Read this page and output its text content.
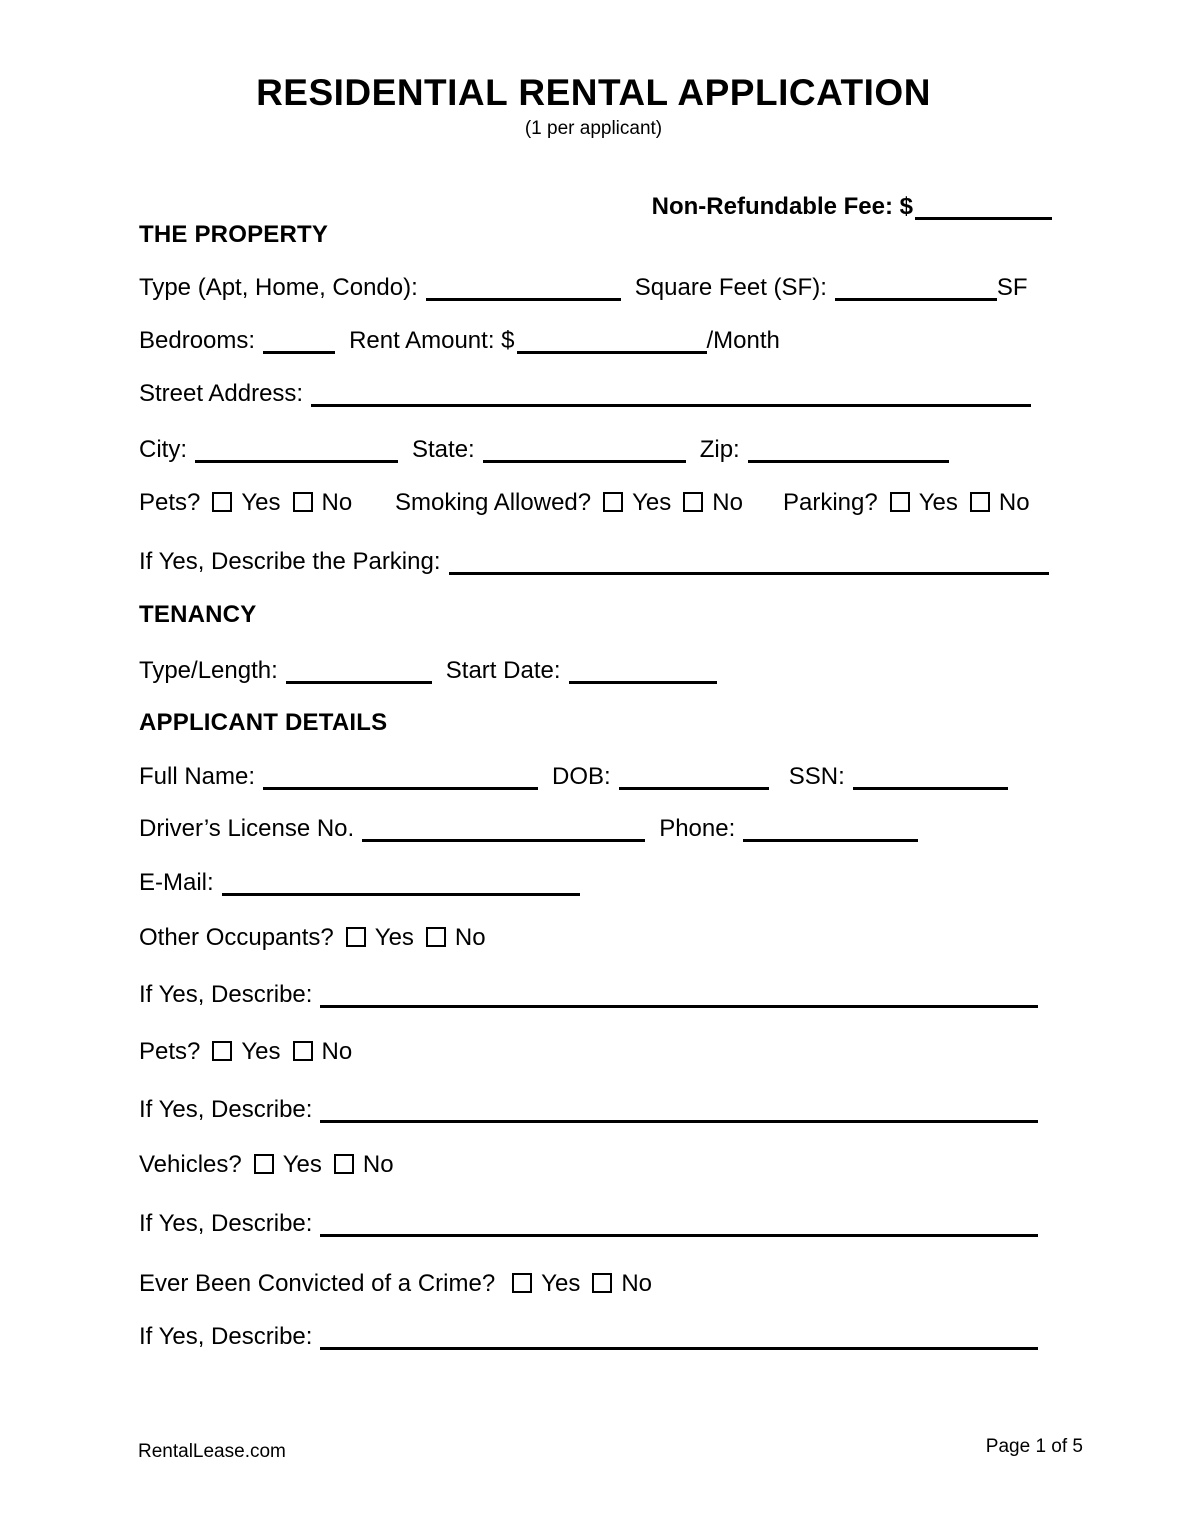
RESIDENTIAL RENTAL APPLICATION
(1 per applicant)
Non-Refundable Fee: $
THE PROPERTY
Type (Apt, Home, Condo):	Square Feet (SF):	SF
Bedrooms:	Rent Amount: $	/Month
Street Address:
City:	State:	Zip:
Pets? Yes No Smoking Allowed? Yes No Parking? Yes No
If Yes, Describe the Parking:
TENANCY
Type/Length:	Start Date:
APPLICANT DETAILS
Full Name:	DOB:	SSN:
Driver’s License No.	Phone:
E-Mail:
Other Occupants? Yes No
If Yes, Describe:
Pets? Yes No
If Yes, Describe:
Vehicles? Yes No
If Yes, Describe:
Ever Been Convicted of a Crime? Yes No
If Yes, Describe:
RentalLease.com	Page 1 of 5
